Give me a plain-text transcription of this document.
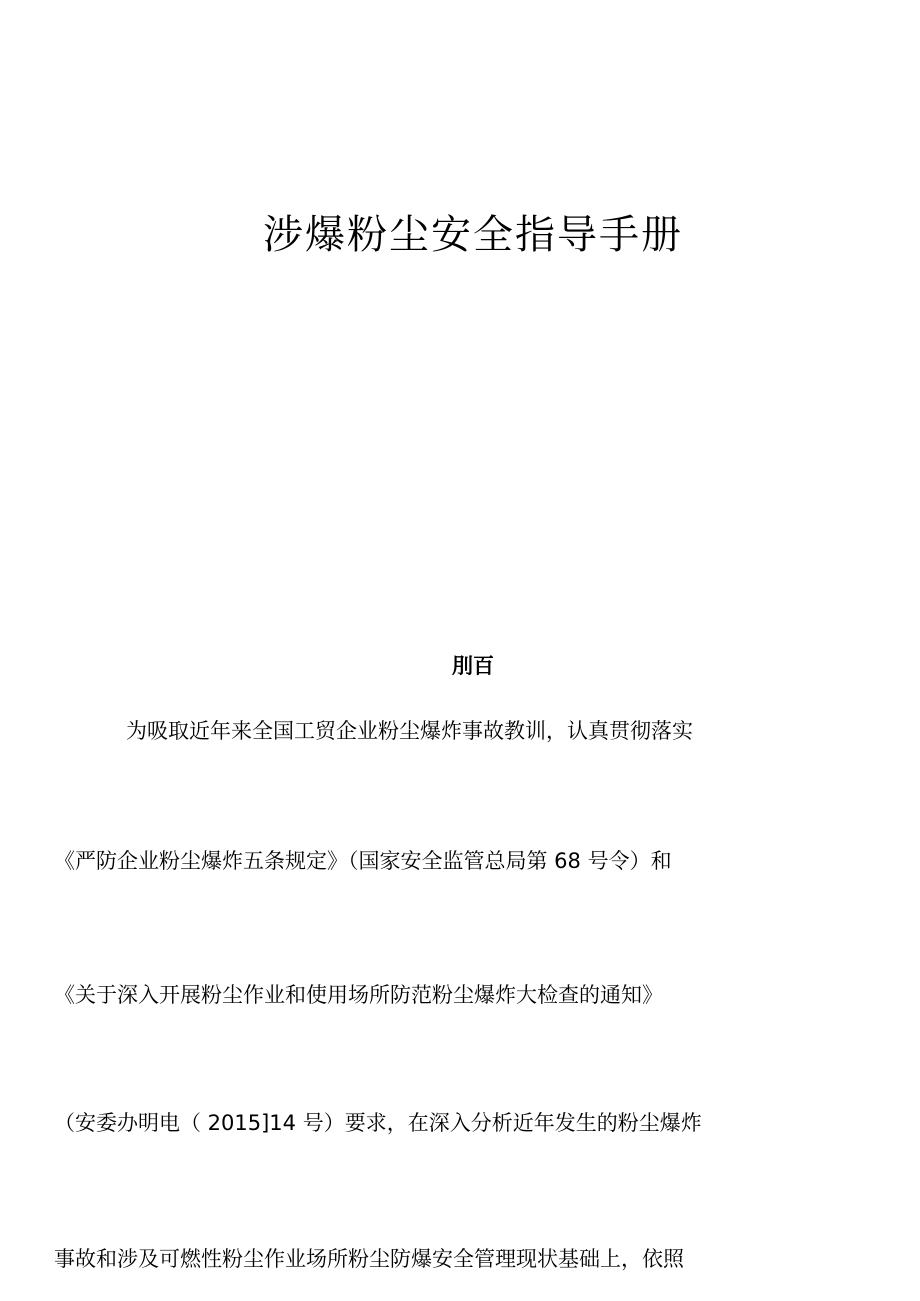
涉爆粉尘安全指导手册
刖百

为吸取近年来全国工贸企业粉尘爆炸事故教训，认真贯彻落实

《严防企业粉尘爆炸五条规定》（国家安全监管总局第 68 号令）和

《关于深入开展粉尘作业和使用场所防范粉尘爆炸大检查的通知》

（安委办明电（ 2015]14 号）要求，在深入分析近年发生的粉尘爆炸

事故和涉及可燃性粉尘作业场所粉尘防爆安全管理现状基础上，依照
